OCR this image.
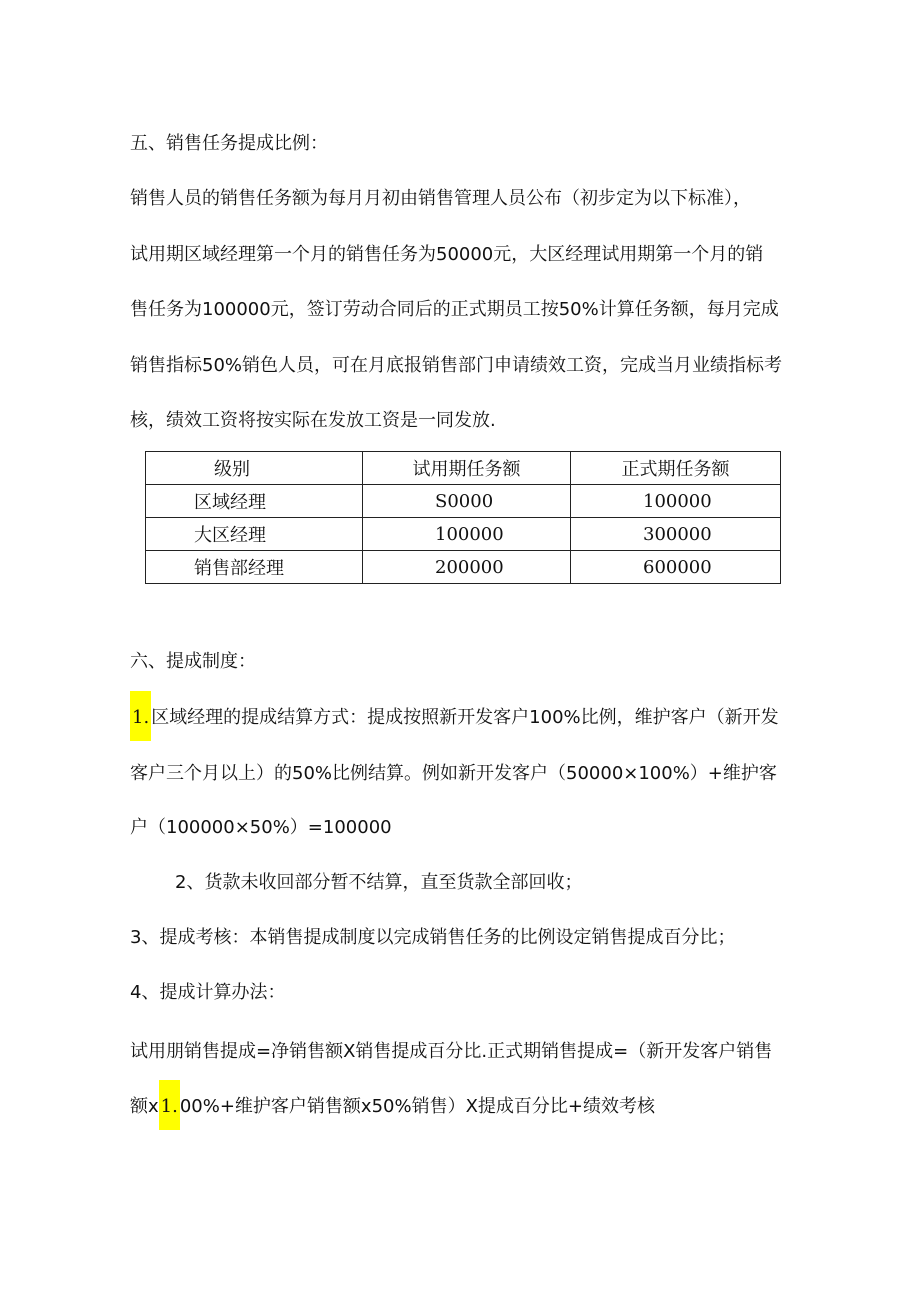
五、销售任务提成比例：
销售人员的销售任务额为每月月初由销售管理人员公布（初步定为以下标准），
试用期区域经理第一个月的销售任务为50000元，大区经理试用期第一个月的销
售任务为100000元，签订劳动合同后的正式期员工按50%计算任务额，每月完成
销售指标50%销色人员，可在月底报销售部门申请绩效工资，完成当月业绩指标考
核，绩效工资将按实际在发放工资是一同发放.
级别	试用期任务额	正式期任务额
区域经理	S0000	100000
大区经理	100000	300000
销售部经理	200000	600000
六、提成制度：
1. 区域经理的提成结算方式：提成按照新开发客户100%比例，维护客户（新开发
客户三个月以上）的50%比例结算。例如新开发客户（50000×100%）+维护客
户（100000×50%）=100000
2、货款未收回部分暂不结算，直至货款全部回收；
3、提成考核：本销售提成制度以完成销售任务的比例设定销售提成百分比；
4、提成计算办法：
试用朋销售提成=净销售额X销售提成百分比.正式期销售提成=（新开发客户销售
额x 1. 00%+维护客户销售额x50%销售）X提成百分比+绩效考核
